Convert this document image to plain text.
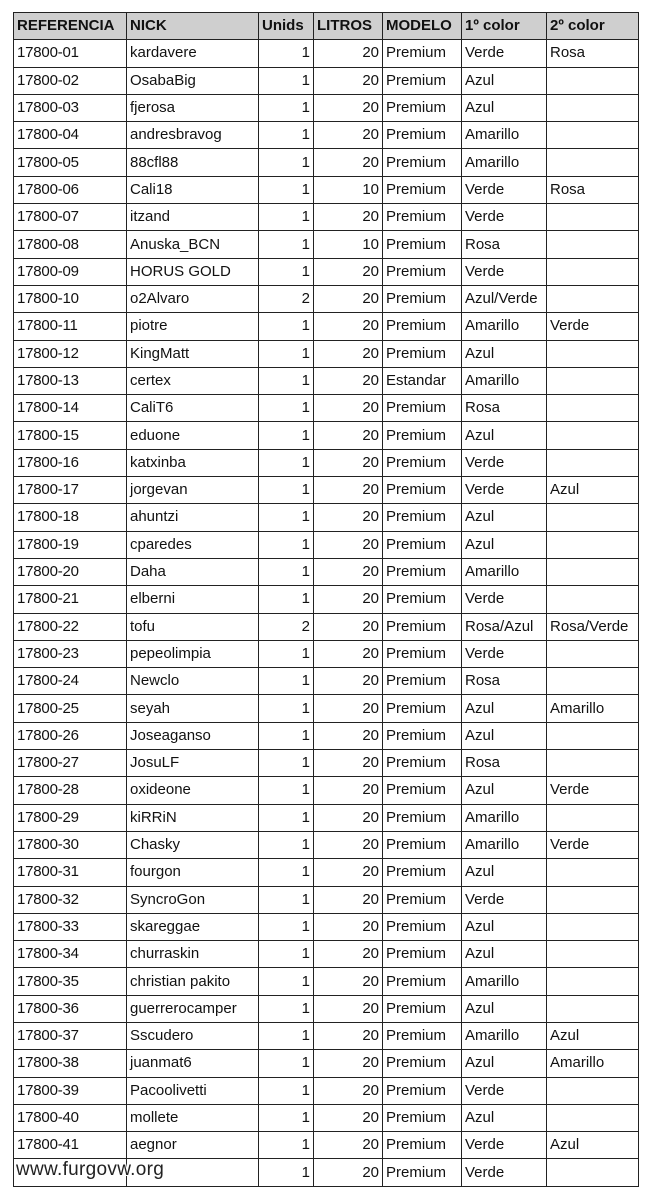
REFERENCIA	NICK	Unids	LITROS	MODELO	1º color	2º color
17800-01	kardavere	1	20	Premium	Verde	Rosa
17800-02	OsabaBig	1	20	Premium	Azul	
17800-03	fjerosa	1	20	Premium	Azul	
17800-04	andresbravog	1	20	Premium	Amarillo	
17800-05	88cfl88	1	20	Premium	Amarillo	
17800-06	Cali18	1	10	Premium	Verde	Rosa
17800-07	itzand	1	20	Premium	Verde	
17800-08	Anuska_BCN	1	10	Premium	Rosa	
17800-09	HORUS GOLD	1	20	Premium	Verde	
17800-10	o2Alvaro	2	20	Premium	Azul/Verde	
17800-11	piotre	1	20	Premium	Amarillo	Verde
17800-12	KingMatt	1	20	Premium	Azul	
17800-13	certex	1	20	Estandar	Amarillo	
17800-14	CaliT6	1	20	Premium	Rosa	
17800-15	eduone	1	20	Premium	Azul	
17800-16	katxinba	1	20	Premium	Verde	
17800-17	jorgevan	1	20	Premium	Verde	Azul
17800-18	ahuntzi	1	20	Premium	Azul	
17800-19	cparedes	1	20	Premium	Azul	
17800-20	Daha	1	20	Premium	Amarillo	
17800-21	elberni	1	20	Premium	Verde	
17800-22	tofu	2	20	Premium	Rosa/Azul	Rosa/Verde
17800-23	pepeolimpia	1	20	Premium	Verde	
17800-24	Newclo	1	20	Premium	Rosa	
17800-25	seyah	1	20	Premium	Azul	Amarillo
17800-26	Joseaganso	1	20	Premium	Azul	
17800-27	JosuLF	1	20	Premium	Rosa	
17800-28	oxideone	1	20	Premium	Azul	Verde
17800-29	kiRRiN	1	20	Premium	Amarillo	
17800-30	Chasky	1	20	Premium	Amarillo	Verde
17800-31	fourgon	1	20	Premium	Azul	
17800-32	SyncroGon	1	20	Premium	Verde	
17800-33	skareggae	1	20	Premium	Azul	
17800-34	churraskin	1	20	Premium	Azul	
17800-35	christian pakito	1	20	Premium	Amarillo	
17800-36	guerrerocamper	1	20	Premium	Azul	
17800-37	Sscudero	1	20	Premium	Amarillo	Azul
17800-38	juanmat6	1	20	Premium	Azul	Amarillo
17800-39	Pacoolivetti	1	20	Premium	Verde	
17800-40	mollete	1	20	Premium	Azul	
17800-41	aegnor	1	20	Premium	Verde	Azul
		1	20	Premium	Verde	
www.furgovw.org
